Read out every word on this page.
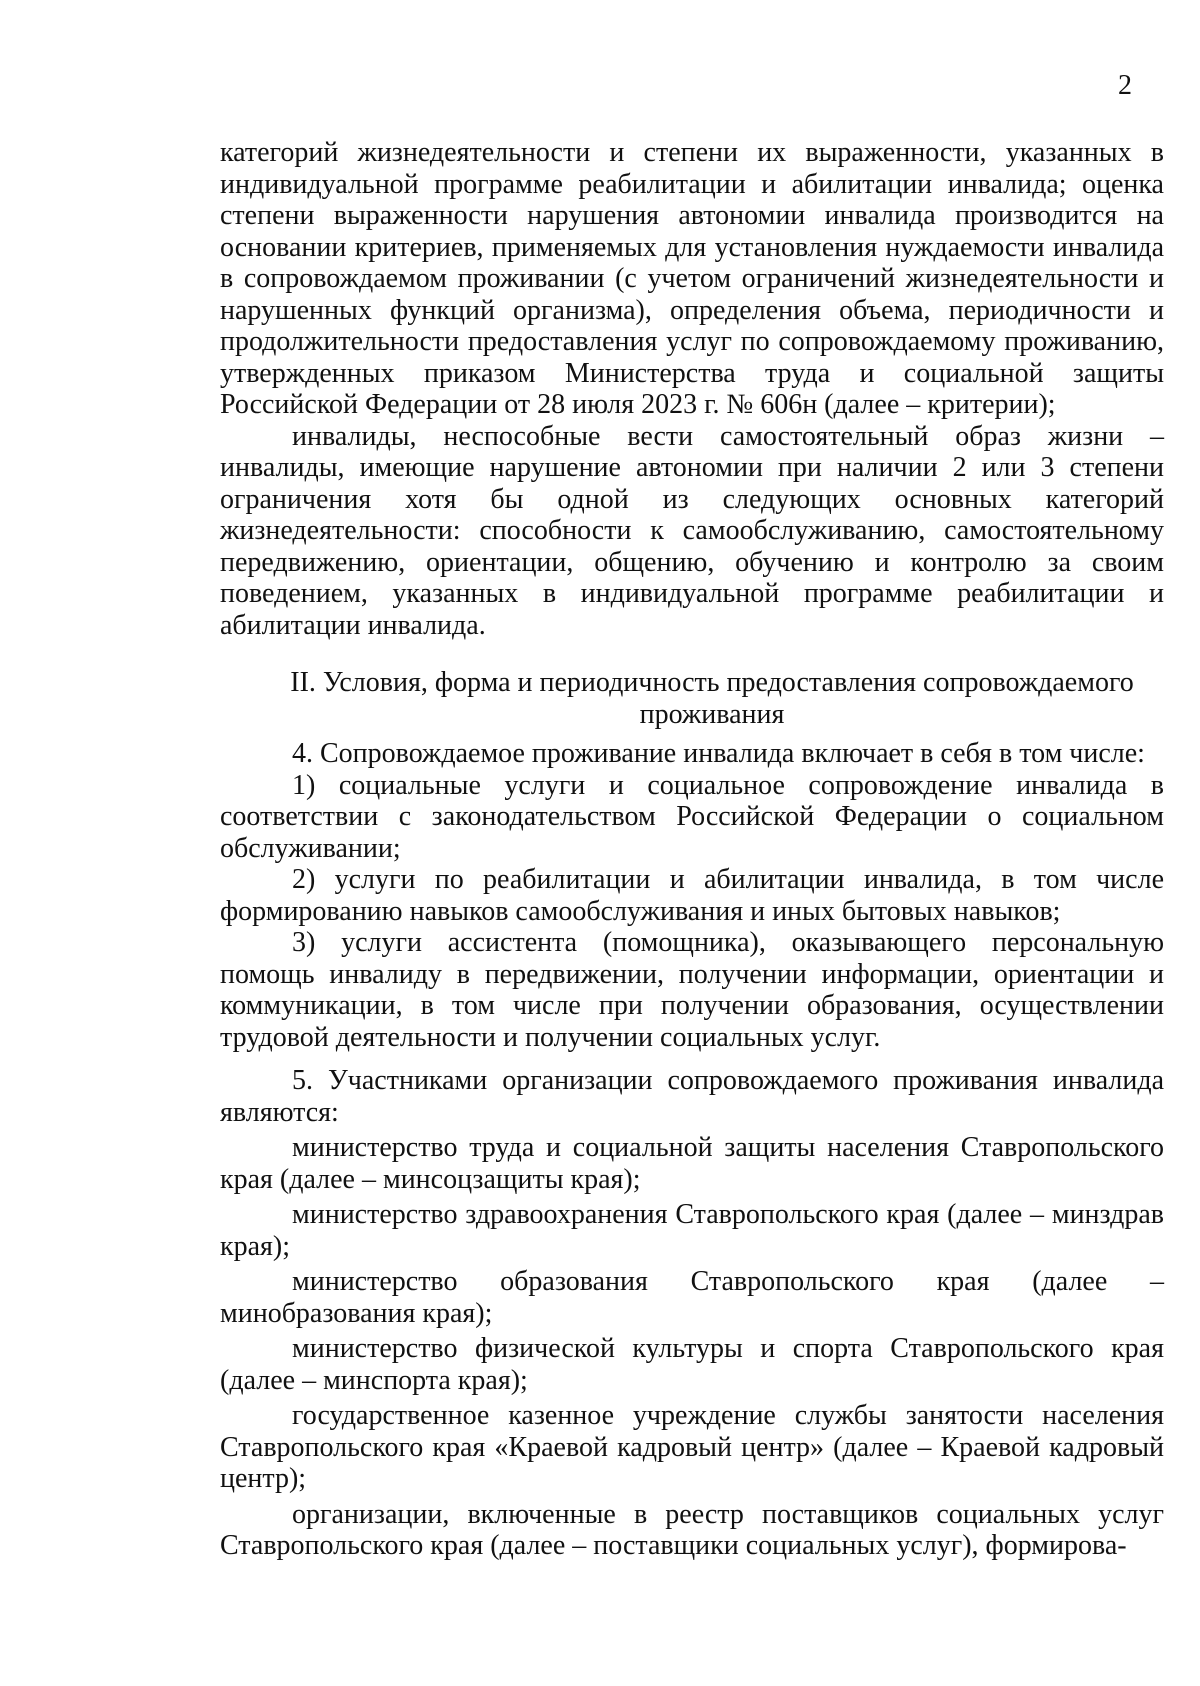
2

категорий жизнедеятельности и степени их выраженности, указанных в индивидуальной программе реабилитации и абилитации инвалида; оценка степени выраженности нарушения автономии инвалида производится на основании критериев, применяемых для установления нуждаемости инвалида в сопровождаемом проживании (с учетом ограничений жизнедеятельности и нарушенных функций организма), определения объема, периодичности и продолжительности предоставления услуг по сопровождаемому проживанию, утвержденных приказом Министерства труда и социальной защиты Российской Федерации от 28 июля 2023 г. № 606н (далее – критерии);

инвалиды, неспособные вести самостоятельный образ жизни – инвалиды, имеющие нарушение автономии при наличии 2 или 3 степени ограничения хотя бы одной из следующих основных категорий жизнедеятельности: способности к самообслуживанию, самостоятельному передвижению, ориентации, общению, обучению и контролю за своим поведением, указанных в индивидуальной программе реабилитации и абилитации инвалида.

II. Условия, форма и периодичность предоставления сопровождаемого проживания

4. Сопровождаемое проживание инвалида включает в себя в том числе:

1) социальные услуги и социальное сопровождение инвалида в соответствии с законодательством Российской Федерации о социальном обслуживании;

2) услуги по реабилитации и абилитации инвалида, в том числе формированию навыков самообслуживания и иных бытовых навыков;

3) услуги ассистента (помощника), оказывающего персональную помощь инвалиду в передвижении, получении информации, ориентации и коммуникации, в том числе при получении образования, осуществлении трудовой деятельности и получении социальных услуг.

5. Участниками организации сопровождаемого проживания инвалида являются:

министерство труда и социальной защиты населения Ставропольского края (далее – минсоцзащиты края);

министерство здравоохранения Ставропольского края (далее – минздрав края);

министерство образования Ставропольского края (далее – минобразования края);

министерство физической культуры и спорта Ставропольского края (далее – минспорта края);

государственное казенное учреждение службы занятости населения Ставропольского края «Краевой кадровый центр» (далее – Краевой кадровый центр);

организации, включенные в реестр поставщиков социальных услуг Ставропольского края (далее – поставщики социальных услуг), формирова-
